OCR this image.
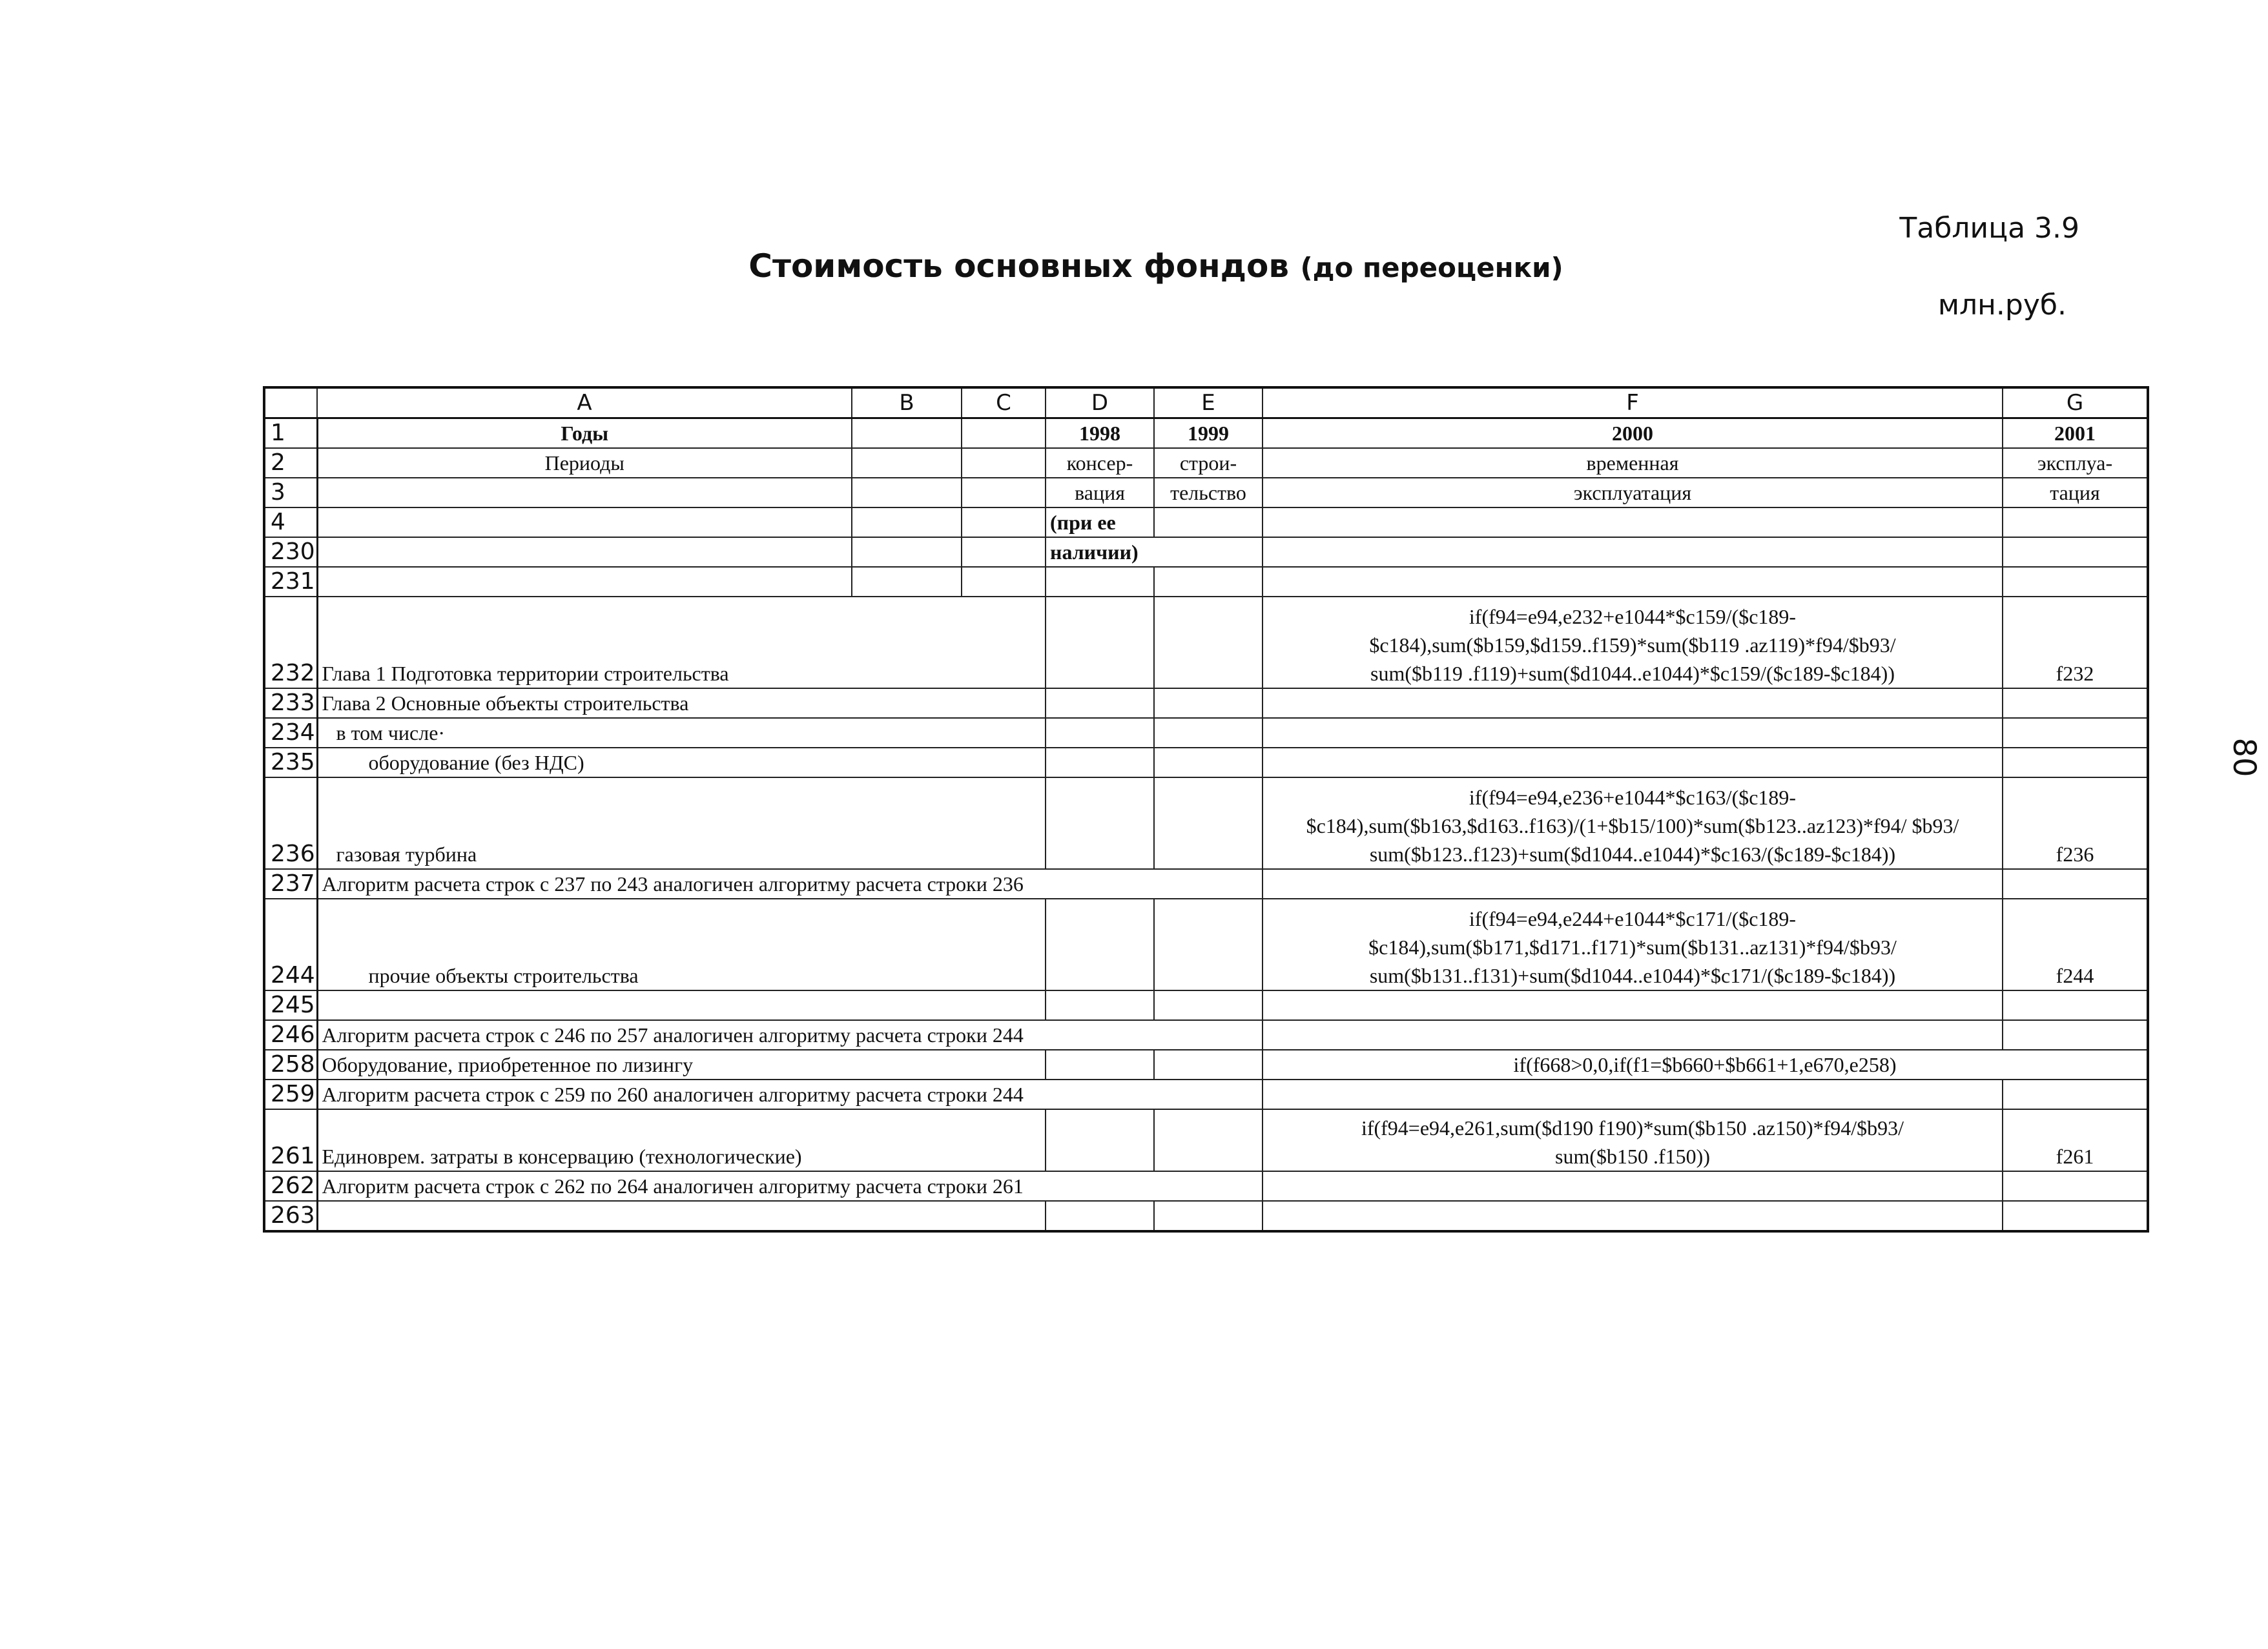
Таблица 3.9
Стоимость основных фондов (до переоценки)
млн.руб.
80
	A	B	C	D	E	F	G
1	Годы			1998	1999	2000	2001
2	Периоды			консер-	строи-	временная	эксплуа-
3				вация	тельство	эксплуатация	тация
4				(при ее			
230				наличии)			
231							
232	Глава 1 Подготовка территории строительства					if(f94=e94,e232+e1044*$c159/($c189-
$c184),sum($b159,$d159..f159)*sum($b119 .az119)*f94/$b93/
sum($b119 .f119)+sum($d1044..e1044)*$c159/($c189-$c184))	f232
233	Глава 2 Основные объекты строительства						
234	в том числе·						
235	оборудование (без НДС)						
236	газовая турбина					if(f94=e94,e236+e1044*$c163/($c189-
$c184),sum($b163,$d163..f163)/(1+$b15/100)*sum($b123..az123)*f94/ $b93/
sum($b123..f123)+sum($d1044..e1044)*$c163/($c189-$c184))	f236
237	Алгоритм расчета строк с 237 по 243 аналогичен алгоритму расчета строки 236						
244	прочие объекты строительства					if(f94=e94,e244+e1044*$c171/($c189-
$c184),sum($b171,$d171..f171)*sum($b131..az131)*f94/$b93/
sum($b131..f131)+sum($d1044..e1044)*$c171/($c189-$c184))	f244
245							
246	Алгоритм расчета строк с 246 по 257 аналогичен алгоритму расчета строки 244						
258	Оборудование, приобретенное по лизингу					if(f668>0,0,if(f1=$b660+$b661+1,e670,e258)	
259	Алгоритм расчета строк с 259 по 260 аналогичен алгоритму расчета строки 244						
261	Единоврем. затраты в консервацию (технологические)					if(f94=e94,e261,sum($d190 f190)*sum($b150 .az150)*f94/$b93/
sum($b150 .f150))	f261
262	Алгоритм расчета строк с 262 по 264 аналогичен алгоритму расчета строки 261						
263							
